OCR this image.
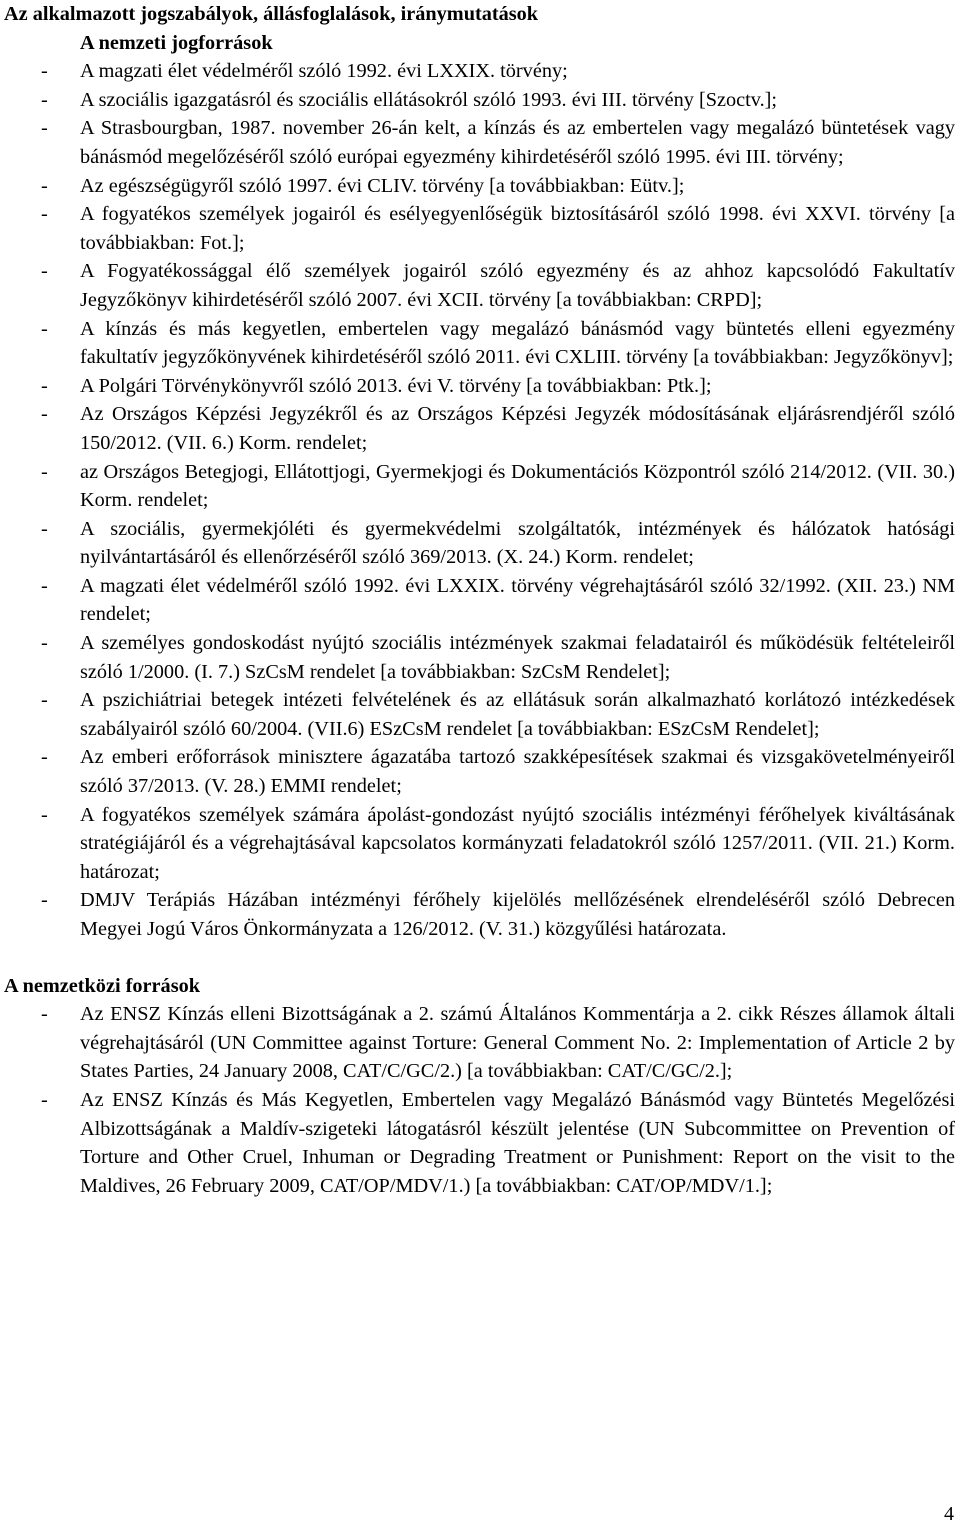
Az alkalmazott jogszabályok, állásfoglalások, iránymutatások

A nemzeti jogforrások

- A magzati élet védelméről szóló 1992. évi LXXIX. törvény;
- A szociális igazgatásról és szociális ellátásokról szóló 1993. évi III. törvény [Szoctv.];
- A Strasbourgban, 1987. november 26-án kelt, a kínzás és az embertelen vagy megalázó büntetések vagy bánásmód megelőzéséről szóló európai egyezmény kihirdetéséről szóló 1995. évi III. törvény;
- Az egészségügyről szóló 1997. évi CLIV. törvény [a továbbiakban: Eütv.];
- A fogyatékos személyek jogairól és esélyegyenlőségük biztosításáról szóló 1998. évi XXVI. törvény [a továbbiakban: Fot.];
- A Fogyatékossággal élő személyek jogairól szóló egyezmény és az ahhoz kapcsolódó Fakultatív Jegyzőkönyv kihirdetéséről szóló 2007. évi XCII. törvény [a továbbiakban: CRPD];
- A kínzás és más kegyetlen, embertelen vagy megalázó bánásmód vagy büntetés elleni egyezmény fakultatív jegyzőkönyvének kihirdetéséről szóló 2011. évi CXLIII. törvény [a továbbiakban: Jegyzőkönyv];
- A Polgári Törvénykönyvről szóló 2013. évi V. törvény [a továbbiakban: Ptk.];
- Az Országos Képzési Jegyzékről és az Országos Képzési Jegyzék módosításának eljárásrendjéről szóló 150/2012. (VII. 6.) Korm. rendelet;
- az Országos Betegjogi, Ellátottjogi, Gyermekjogi és Dokumentációs Központról szóló 214/2012. (VII. 30.) Korm. rendelet;
- A szociális, gyermekjóléti és gyermekvédelmi szolgáltatók, intézmények és hálózatok hatósági nyilvántartásáról és ellenőrzéséről szóló 369/2013. (X. 24.) Korm. rendelet;
- A magzati élet védelméről szóló 1992. évi LXXIX. törvény végrehajtásáról szóló 32/1992. (XII. 23.) NM rendelet;
- A személyes gondoskodást nyújtó szociális intézmények szakmai feladatairól és működésük feltételeiről szóló 1/2000. (I. 7.) SzCsM rendelet [a továbbiakban: SzCsM Rendelet];
- A pszichiátriai betegek intézeti felvételének és az ellátásuk során alkalmazható korlátozó intézkedések szabályairól szóló 60/2004. (VII.6) ESzCsM rendelet [a továbbiakban: ESzCsM Rendelet];
- Az emberi erőforrások minisztere ágazatába tartozó szakképesítések szakmai és vizsgakövetelményeiről szóló 37/2013. (V. 28.) EMMI rendelet;
- A fogyatékos személyek számára ápolást-gondozást nyújtó szociális intézményi férőhelyek kiváltásának stratégiájáról és a végrehajtásával kapcsolatos kormányzati feladatokról szóló 1257/2011. (VII. 21.) Korm. határozat;
- DMJV Terápiás Házában intézményi férőhely kijelölés mellőzésének elrendeléséről szóló Debrecen Megyei Jogú Város Önkormányzata a 126/2012. (V. 31.) közgyűlési határozata.

A nemzetközi források

- Az ENSZ Kínzás elleni Bizottságának a 2. számú Általános Kommentárja a 2. cikk Részes államok általi végrehajtásáról (UN Committee against Torture: General Comment No. 2: Implementation of Article 2 by States Parties, 24 January 2008, CAT/C/GC/2.) [a továbbiakban: CAT/C/GC/2.];
- Az ENSZ Kínzás és Más Kegyetlen, Embertelen vagy Megalázó Bánásmód vagy Büntetés Megelőzési Albizottságának a Maldív-szigeteki látogatásról készült jelentése (UN Subcommittee on Prevention of Torture and Other Cruel, Inhuman or Degrading Treatment or Punishment: Report on the visit to the Maldives, 26 February 2009, CAT/OP/MDV/1.) [a továbbiakban: CAT/OP/MDV/1.];
4
